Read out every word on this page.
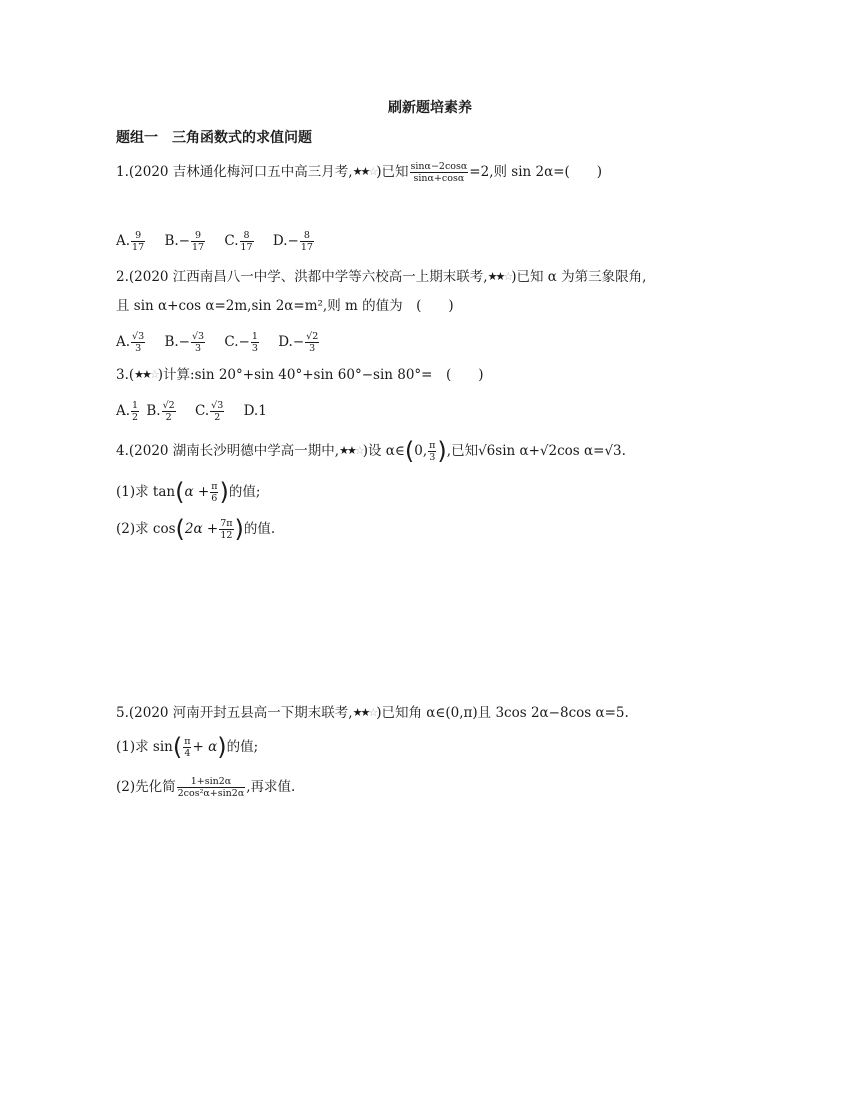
刷新题培素养
题组一　三角函数式的求值问题
1.(2020 吉林通化梅河口五中高三月考,★★☆)已知 $\frac{\sin\alpha-2\cos\alpha}{\sin\alpha+\cos\alpha} =2$,则 sin 2α=(　　)
A. $\frac{9}{17} B.- \frac{9}{17} C$. $\frac{8}{17} D.- \frac{8}{17}$
2.(2020 江西南昌八一中学、洪都中学等六校高一上期末联考,★★☆)已知 α 为第三象限角,
且 sin α+cos α=2m,sin 2α=m²,则 m 的值为　(　　)
A. $\frac{√3}{3} B.- \frac{√3}{3} C.- \frac{1}{3} D.- \frac{√2}{3}$
3.(★★☆)计算:sin 20°+sin 40°+sin 60°−sin 80°=　(　　)
A. $\frac{1}{2} B$. $\frac{√2}{2} C$. $\frac{√3}{2} D.1$
4.(2020 湖南长沙明德中学高一期中,★★☆)设 α∈(0, $\frac{\pi}{3}$ ),已知√6sin α+√2cos α=√3.
(1)求 $\tan(\alpha + \frac{\pi}{6}$ )的值;
(2)求 $\cos(2\alpha + \frac{7\pi}{12}$ )的值.
5.(2020 河南开封五县高一下期末联考,★★☆)已知角 α∈(0,π)且 3cos 2α−8cos α=5.
(1)求 $\sin( \frac{\pi}{4} + \alpha)$的值;
(2)先化简 $\frac{1+\sin 2\alpha}{\text{2cos²α+sin2α}}$ ,再求值.
